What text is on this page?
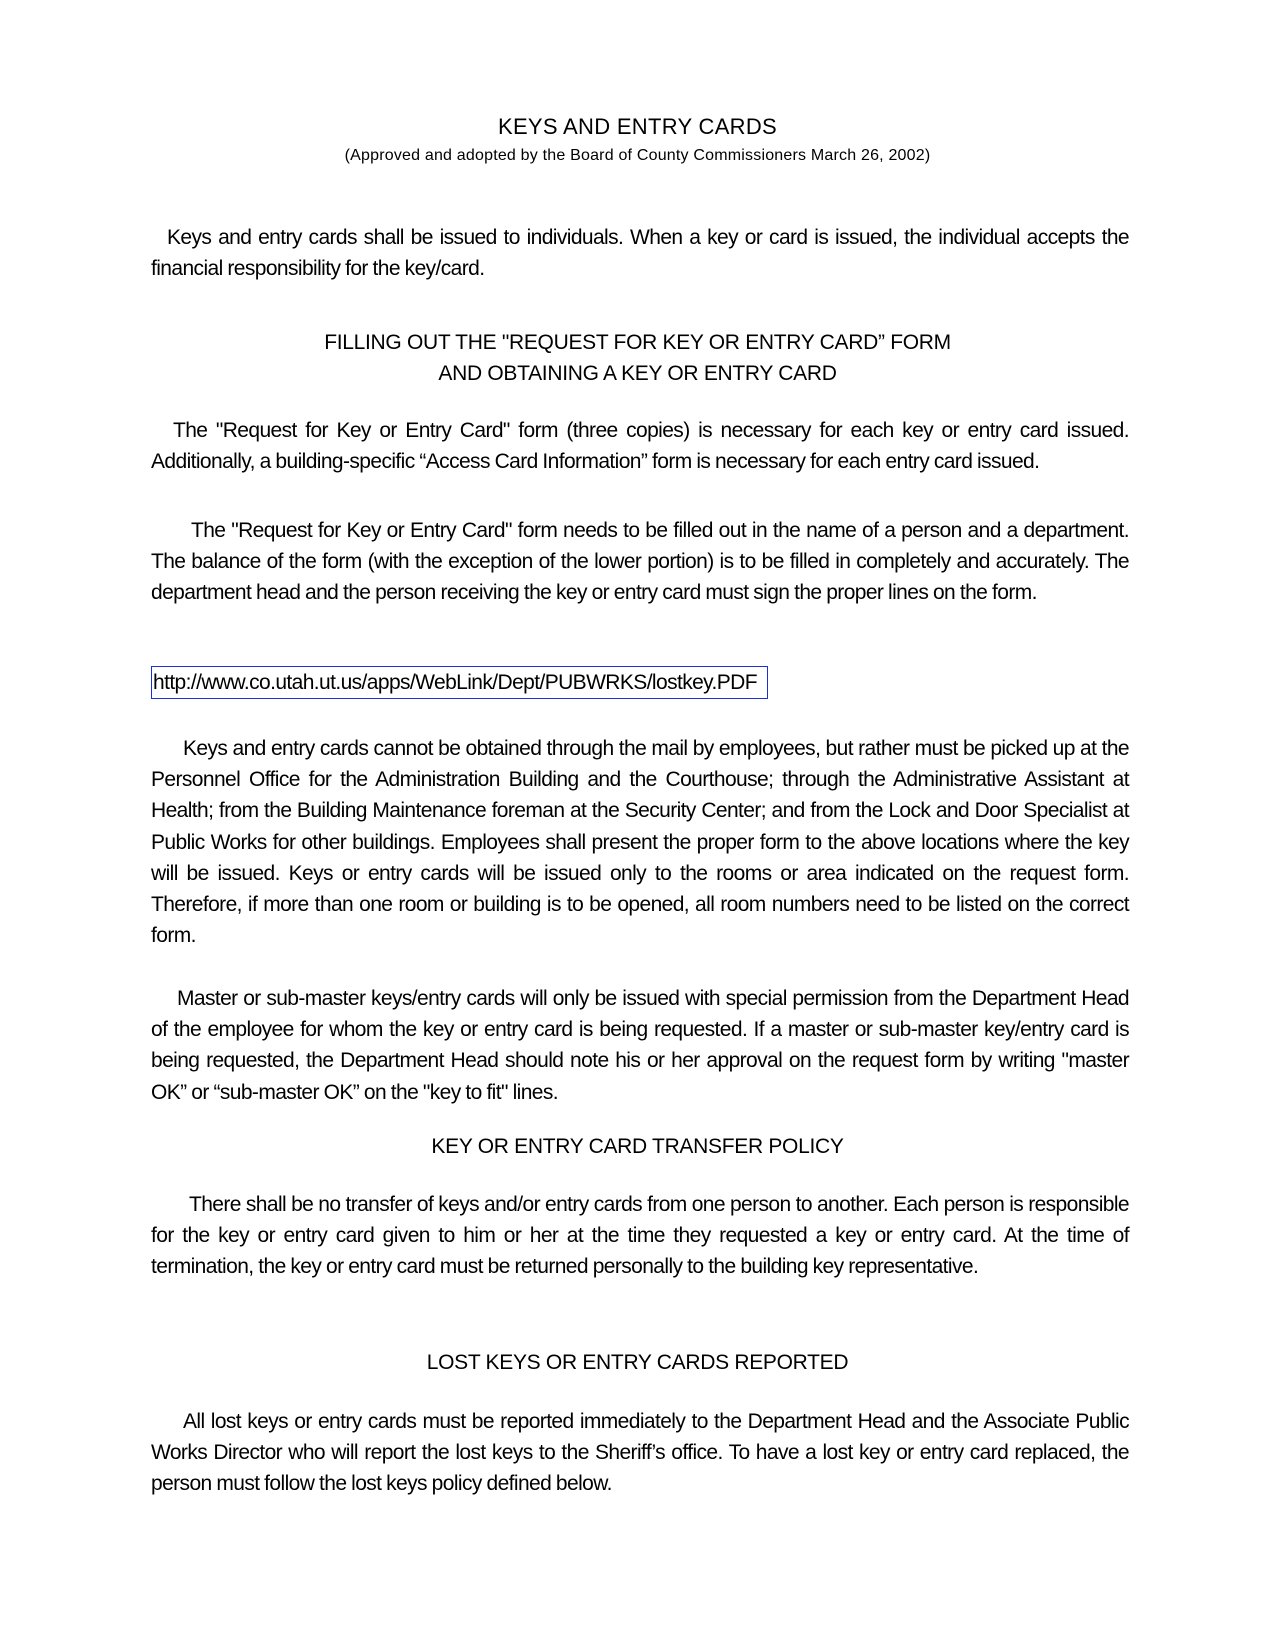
KEYS AND ENTRY CARDS

(Approved and adopted by the Board of County Commissioners March 26, 2002)

Keys and entry cards shall be issued to individuals. When a key or card is issued, the individual accepts the financial responsibility for the key/card.

FILLING OUT THE "REQUEST FOR KEY OR ENTRY CARD” FORM
AND OBTAINING A KEY OR ENTRY CARD

The "Request for Key or Entry Card" form (three copies) is necessary for each key or entry card issued. Additionally, a building-specific “Access Card Information” form is necessary for each entry card issued.

The "Request for Key or Entry Card" form needs to be filled out in the name of a person and a department. The balance of the form (with the exception of the lower portion) is to be filled in completely and accurately. The department head and the person receiving the key or entry card must sign the proper lines on the form.

http://www.co.utah.ut.us/apps/WebLink/Dept/PUBWRKS/lostkey.PDF

Keys and entry cards cannot be obtained through the mail by employees, but rather must be picked up at the Personnel Office for the Administration Building and the Courthouse; through the Administrative Assistant at Health; from the Building Maintenance foreman at the Security Center; and from the Lock and Door Specialist at Public Works for other buildings. Employees shall present the proper form to the above locations where the key will be issued. Keys or entry cards will be issued only to the rooms or area indicated on the request form. Therefore, if more than one room or building is to be opened, all room numbers need to be listed on the correct form.

Master or sub-master keys/entry cards will only be issued with special permission from the Department Head of the employee for whom the key or entry card is being requested. If a master or sub-master key/entry card is being requested, the Department Head should note his or her approval on the request form by writing "master OK” or “sub-master OK” on the "key to fit" lines.

KEY OR ENTRY CARD TRANSFER POLICY

There shall be no transfer of keys and/or entry cards from one person to another. Each person is responsible for the key or entry card given to him or her at the time they requested a key or entry card. At the time of termination, the key or entry card must be returned personally to the building key representative.

LOST KEYS OR ENTRY CARDS REPORTED

All lost keys or entry cards must be reported immediately to the Department Head and the Associate Public Works Director who will report the lost keys to the Sheriff’s office. To have a lost key or entry card replaced, the person must follow the lost keys policy defined below.
